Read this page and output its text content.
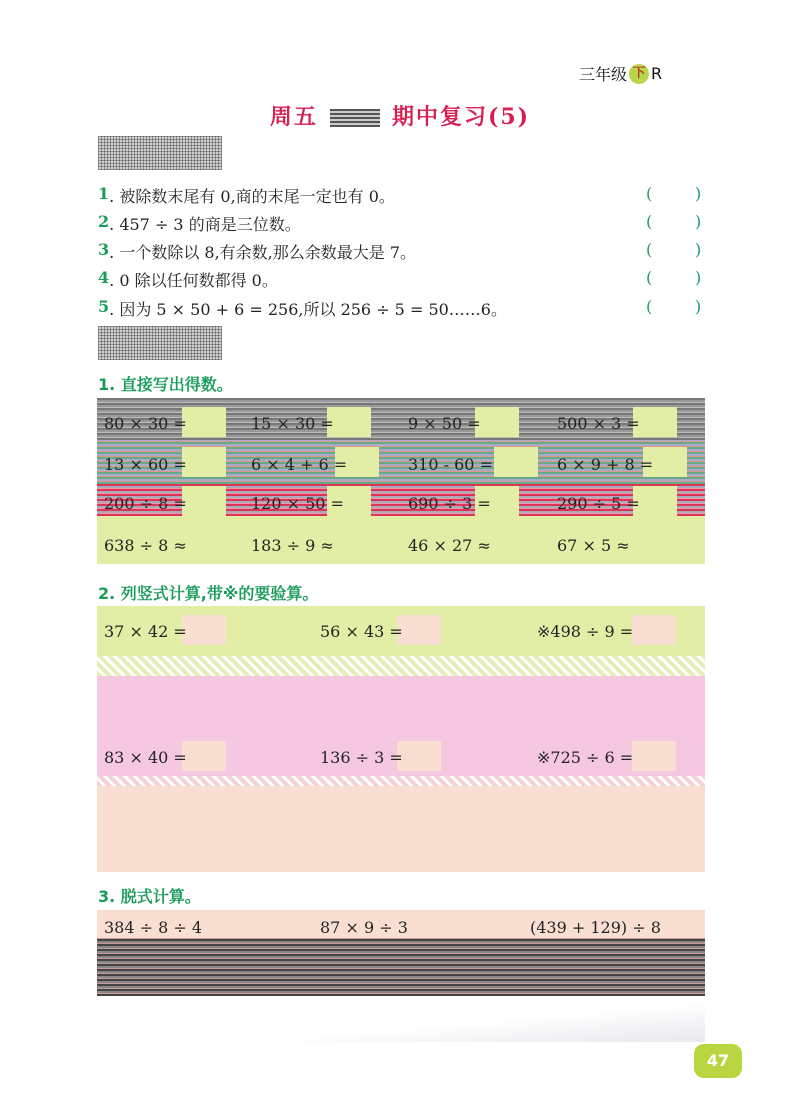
三年级 下 R
周五	期中复习(5)
1 . 被除数末尾有 0,商的末尾一定也有 0。	(	)
2 . 457 ÷ 3 的商是三位数。	(	)
3 . 一个数除以 8,有余数,那么余数最大是 7。	(	)
4 . 0 除以任何数都得 0。	(	)
5 . 因为 5 × 50 + 6 = 256,所以 256 ÷ 5 = 50……6。	(	)
1. 直接写出得数。
80 × 30 =	15 × 30 =	9 × 50 =	500 × 3 =
13 × 60 =	6 × 4 + 6 =	310 - 60 =	6 × 9 + 8 =
200 ÷ 8 =	120 × 50 =	690 ÷ 3 =	290 ÷ 5 =
638 ÷ 8 ≈	183 ÷ 9 ≈	46 × 27 ≈	67 × 5 ≈
2. 列竖式计算,带※的要验算。
37 × 42 =	56 × 43 =	※498 ÷ 9 =
83 × 40 =	136 ÷ 3 =	※725 ÷ 6 =
3. 脱式计算。
384 ÷ 8 ÷ 4	87 × 9 ÷ 3	(439 + 129) ÷ 8
47
